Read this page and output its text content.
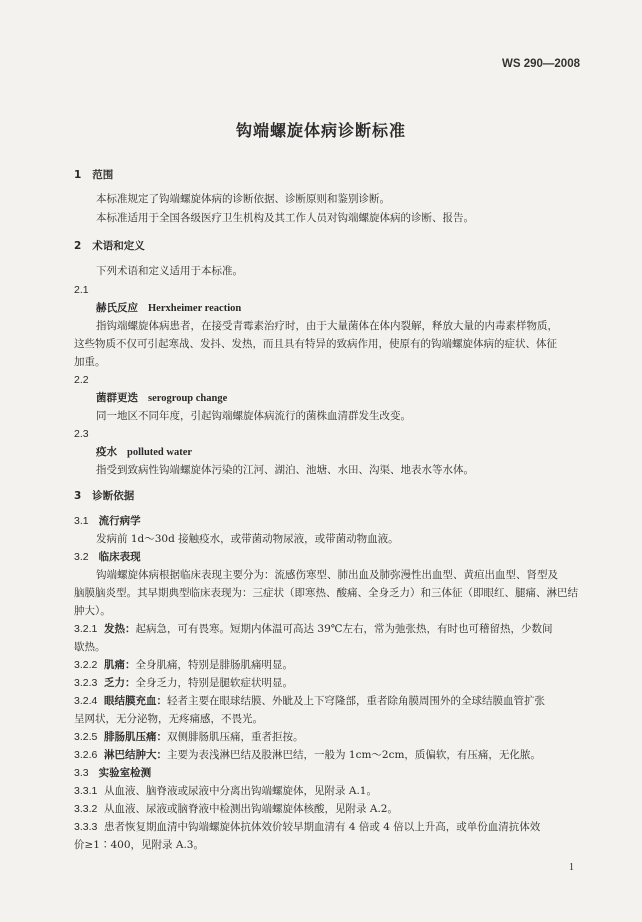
WS 290—2008
钩端螺旋体病诊断标准
1 范围
本标准规定了钩端螺旋体病的诊断依据、诊断原则和鉴别诊断。
本标准适用于全国各级医疗卫生机构及其工作人员对钩端螺旋体病的诊断、报告。
2 术语和定义
下列术语和定义适用于本标准。
2.1
赫氏反应 Herxheimer reaction
指钩端螺旋体病患者，在接受青霉素治疗时，由于大量菌体在体内裂解，释放大量的内毒素样物质，
这些物质不仅可引起寒战、发抖、发热，而且具有特异的致病作用，使原有的钩端螺旋体病的症状、体征
加重。
2.2
菌群更迭 serogroup change
同一地区不同年度，引起钩端螺旋体病流行的菌株血清群发生改变。
2.3
疫水 polluted water
指受到致病性钩端螺旋体污染的江河、湖泊、池塘、水田、沟渠、地表水等水体。
3 诊断依据
3.1 流行病学
发病前 1d～30d 接触疫水，或带菌动物尿液，或带菌动物血液。
3.2 临床表现
钩端螺旋体病根据临床表现主要分为：流感伤寒型、肺出血及肺弥漫性出血型、黄疸出血型、肾型及
脑膜脑炎型。其早期典型临床表现为：三症状（即寒热、酸痛、全身乏力）和三体征（即眼红、腿痛、淋巴结
肿大）。
3.2.1 发热：起病急，可有畏寒。短期内体温可高达 39℃左右，常为弛张热，有时也可稽留热，少数间
歇热。
3.2.2 肌痛：全身肌痛，特别是腓肠肌痛明显。
3.2.3 乏力：全身乏力，特别是腿软症状明显。
3.2.4 眼结膜充血：轻者主要在眼球结膜、外眦及上下穹隆部，重者除角膜周围外的全球结膜血管扩张
呈网状，无分泌物，无疼痛感，不畏光。
3.2.5 腓肠肌压痛：双侧腓肠肌压痛，重者拒按。
3.2.6 淋巴结肿大：主要为表浅淋巴结及股淋巴结，一般为 1cm～2cm，质偏软，有压痛，无化脓。
3.3 实验室检测
3.3.1 从血液、脑脊液或尿液中分离出钩端螺旋体，见附录 A.1。
3.3.2 从血液、尿液或脑脊液中检测出钩端螺旋体核酸，见附录 A.2。
3.3.3 患者恢复期血清中钩端螺旋体抗体效价较早期血清有 4 倍或 4 倍以上升高，或单份血清抗体效
价≥1∶400，见附录 A.3。
1
